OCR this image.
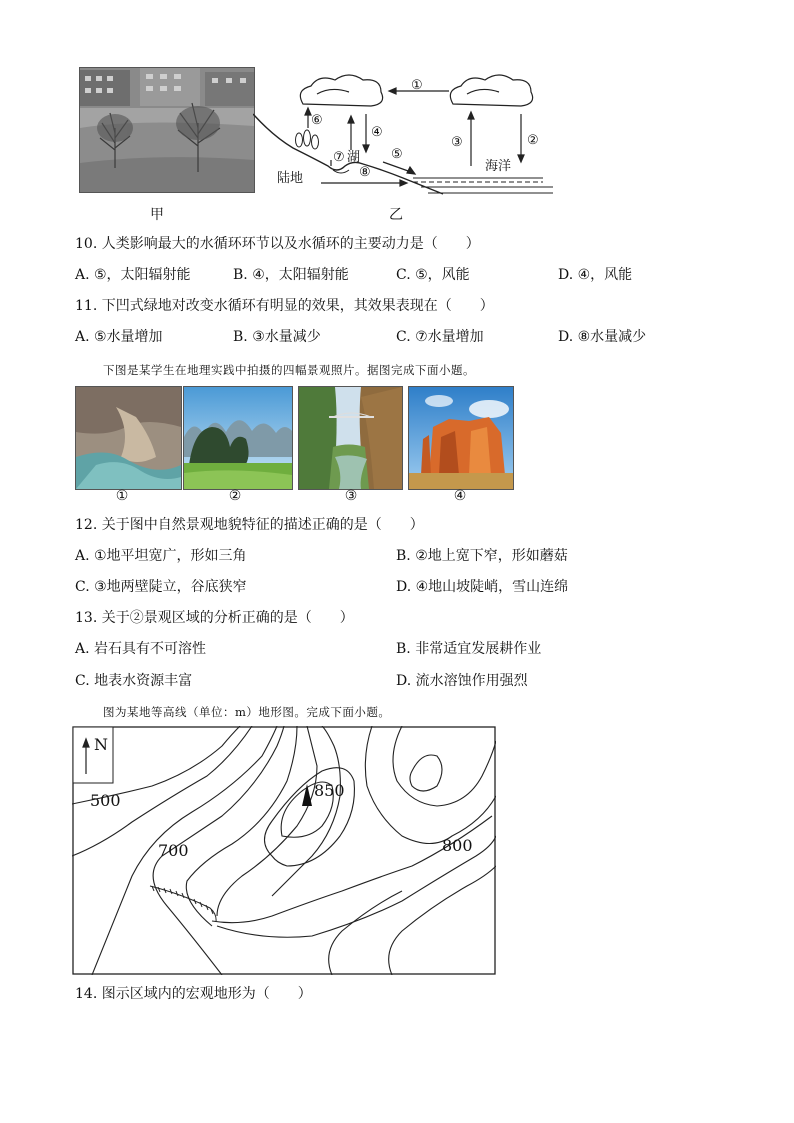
①
②
③
④
⑤
⑥
⑦ 湖
⑧
陆地
海洋
甲	乙
10. 人类影响最大的水循环环节以及水循环的主要动力是（　　）
A. ⑤，太阳辐射能	B. ④，太阳辐射能	C. ⑤，风能	D. ④，风能
11. 下凹式绿地对改变水循环有明显的效果，其效果表现在（　　）
A. ⑤水量增加	B. ③水量减少	C. ⑦水量增加	D. ⑧水量减少
下图是某学生在地理实践中拍摄的四幅景观照片。据图完成下面小题。
①	②	③	④
12. 关于图中自然景观地貌特征的描述正确的是（　　）
A. ①地平坦宽广，形如三角	B. ②地上宽下窄，形如蘑菇
C. ③地两壁陡立，谷底狭窄	D. ④地山坡陡峭，雪山连绵
13. 关于②景观区域的分析正确的是（　　）
A. 岩石具有不可溶性	B. 非常适宜发展耕作业
C. 地表水资源丰富	D. 流水溶蚀作用强烈
图为某地等高线（单位：m）地形图。完成下面小题。
N
500
700
850
800
14. 图示区域内的宏观地形为（　　）
